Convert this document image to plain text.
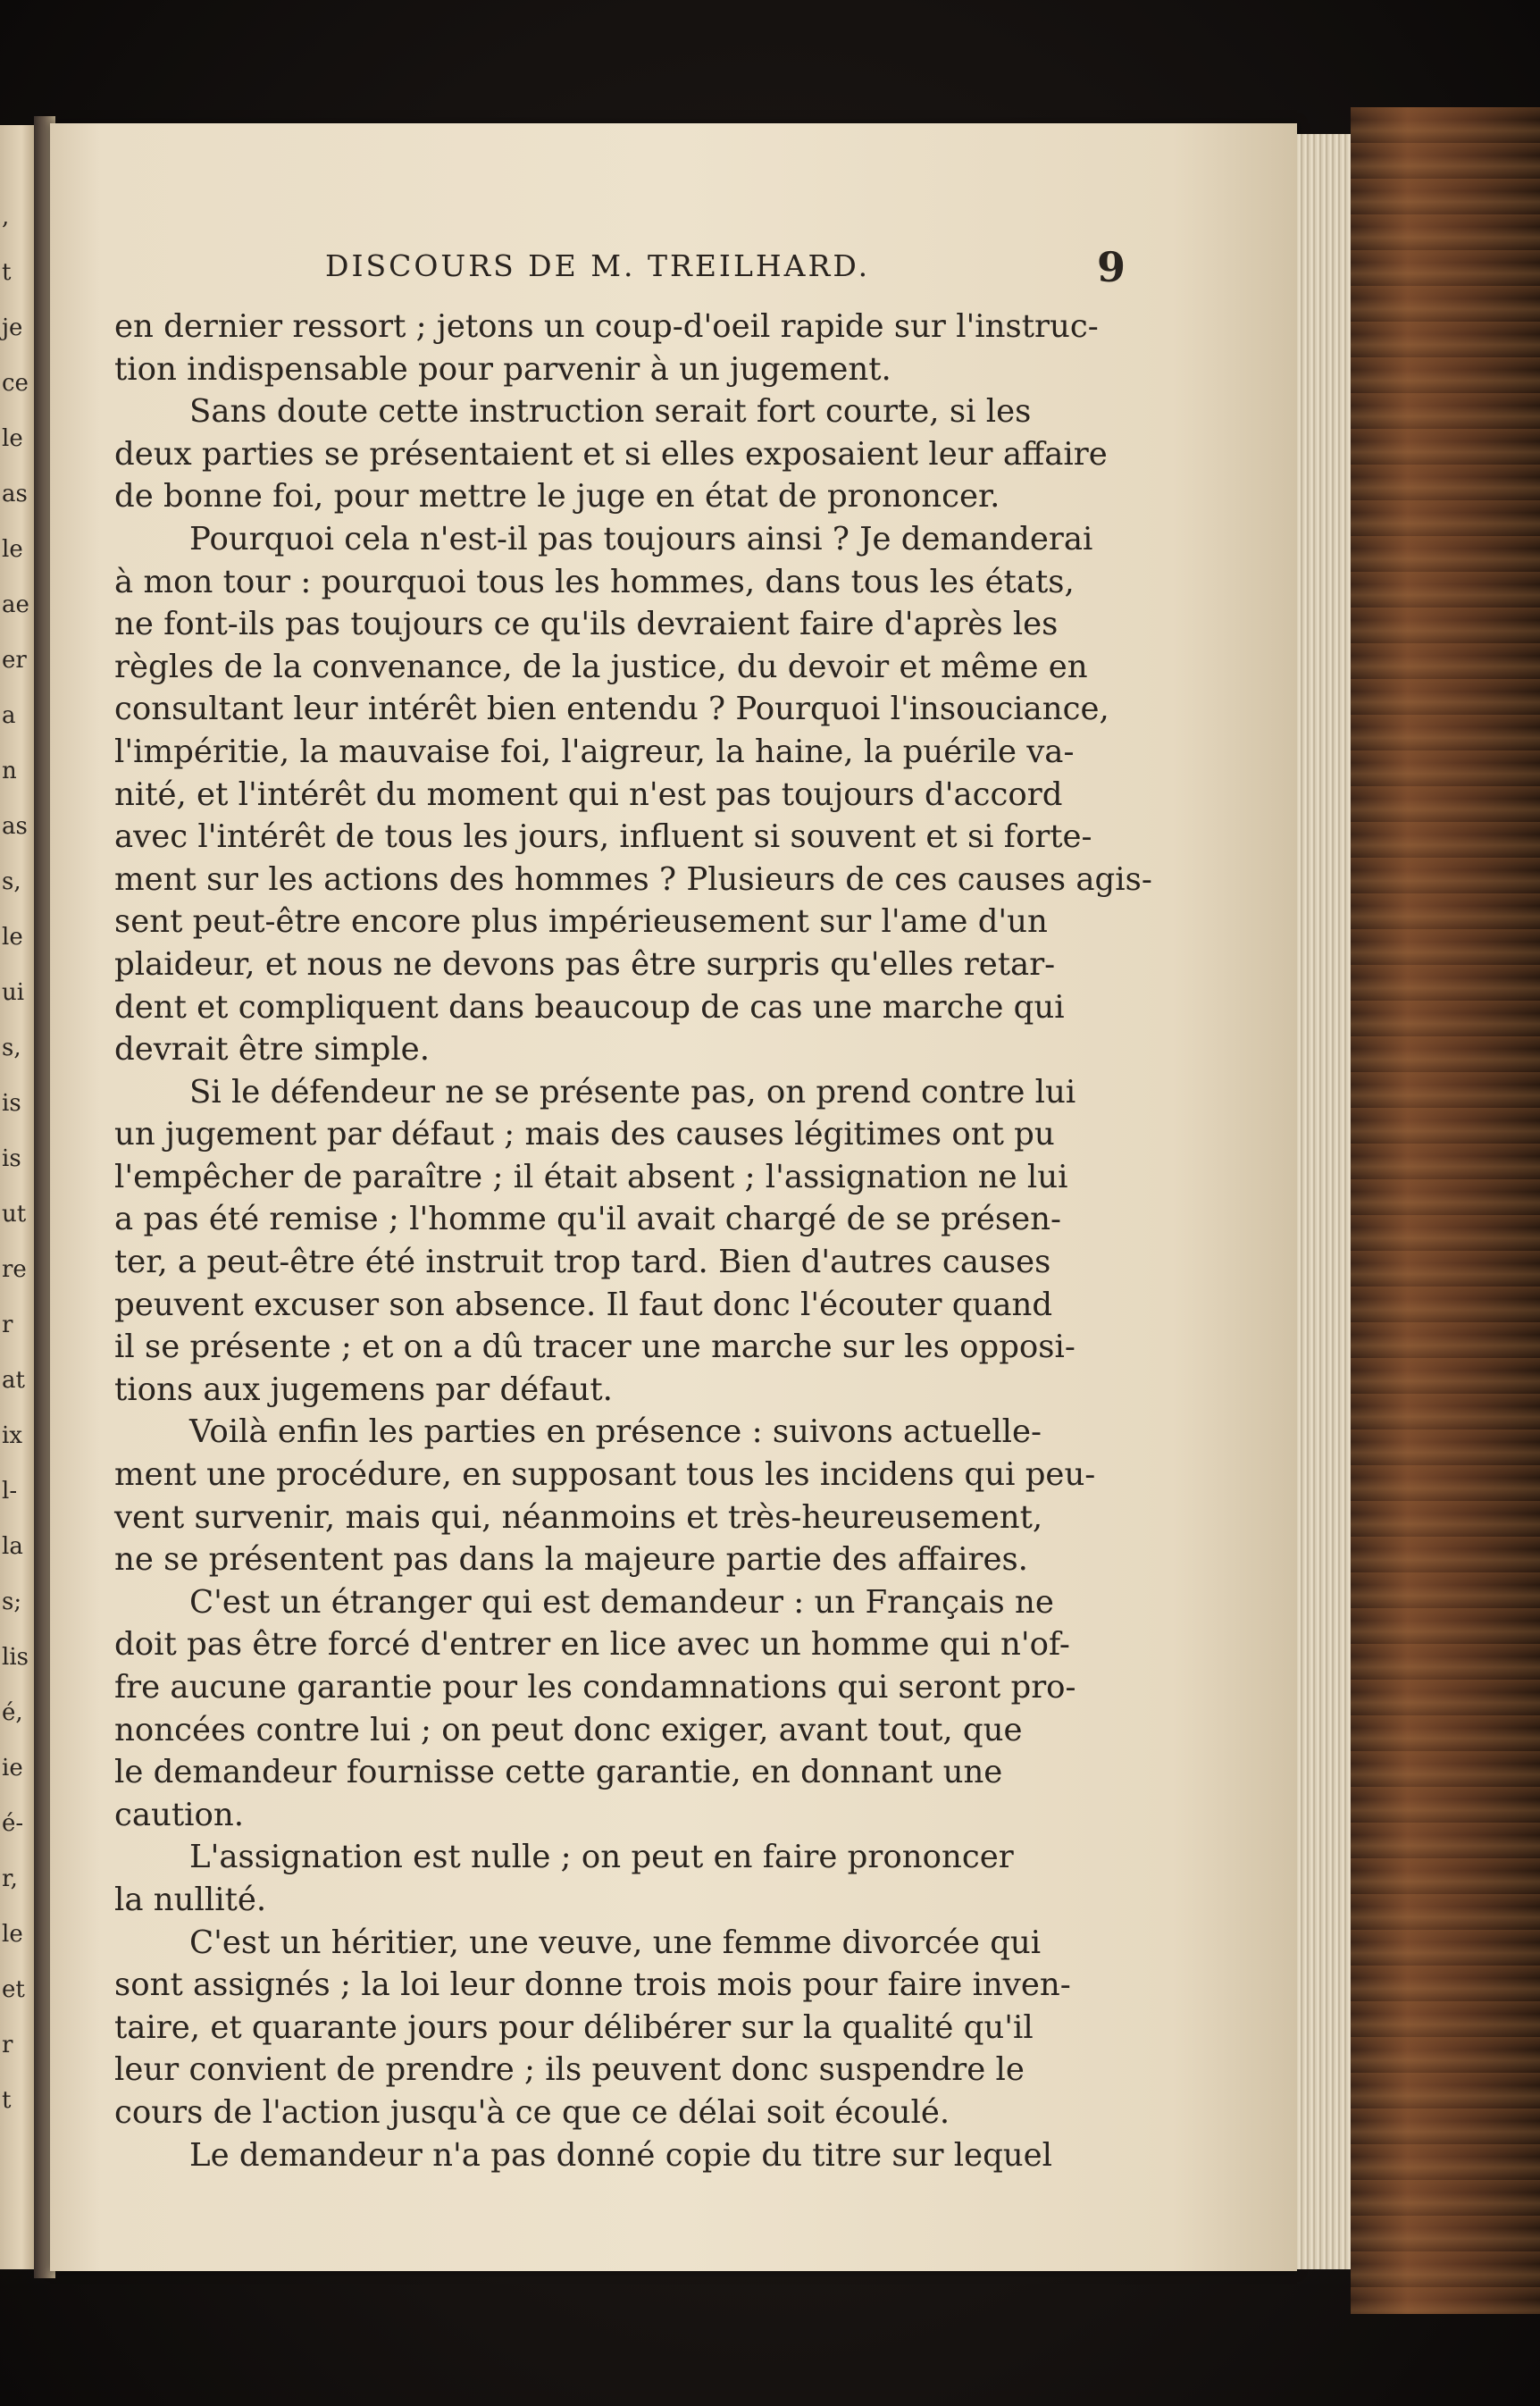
,
t
je
ce
le
as
le
ae
er
a
n
as
s,
le
ui
s,
is
is
ut
re
r
at
ix
l-
la
s;
lis
é,
ie
é-
r,
le
et
r
t
DISCOURS DE M. TREILHARD.	9
en dernier ressort ; jetons un coup-d'oeil rapide sur l'instruc-
tion indispensable pour parvenir à un jugement.
Sans doute cette instruction serait fort courte, si les
deux parties se présentaient et si elles exposaient leur affaire
de bonne foi, pour mettre le juge en état de prononcer.
Pourquoi cela n'est-il pas toujours ainsi ? Je demanderai
à mon tour : pourquoi tous les hommes, dans tous les états,
ne font-ils pas toujours ce qu'ils devraient faire d'après les
règles de la convenance, de la justice, du devoir et même en
consultant leur intérêt bien entendu ? Pourquoi l'insouciance,
l'impéritie, la mauvaise foi, l'aigreur, la haine, la puérile va-
nité, et l'intérêt du moment qui n'est pas toujours d'accord
avec l'intérêt de tous les jours, influent si souvent et si forte-
ment sur les actions des hommes ? Plusieurs de ces causes agis-
sent peut-être encore plus impérieusement sur l'ame d'un
plaideur, et nous ne devons pas être surpris qu'elles retar-
dent et compliquent dans beaucoup de cas une marche qui
devrait être simple.
Si le défendeur ne se présente pas, on prend contre lui
un jugement par défaut ; mais des causes légitimes ont pu
l'empêcher de paraître ; il était absent ; l'assignation ne lui
a pas été remise ; l'homme qu'il avait chargé de se présen-
ter, a peut-être été instruit trop tard. Bien d'autres causes
peuvent excuser son absence. Il faut donc l'écouter quand
il se présente ; et on a dû tracer une marche sur les opposi-
tions aux jugemens par défaut.
Voilà enfin les parties en présence : suivons actuelle-
ment une procédure, en supposant tous les incidens qui peu-
vent survenir, mais qui, néanmoins et très-heureusement,
ne se présentent pas dans la majeure partie des affaires.
C'est un étranger qui est demandeur : un Français ne
doit pas être forcé d'entrer en lice avec un homme qui n'of-
fre aucune garantie pour les condamnations qui seront pro-
noncées contre lui ; on peut donc exiger, avant tout, que
le demandeur fournisse cette garantie, en donnant une
caution.
L'assignation est nulle ; on peut en faire prononcer
la nullité.
C'est un héritier, une veuve, une femme divorcée qui
sont assignés ; la loi leur donne trois mois pour faire inven-
taire, et quarante jours pour délibérer sur la qualité qu'il
leur convient de prendre ; ils peuvent donc suspendre le
cours de l'action jusqu'à ce que ce délai soit écoulé.
Le demandeur n'a pas donné copie du titre sur lequel
